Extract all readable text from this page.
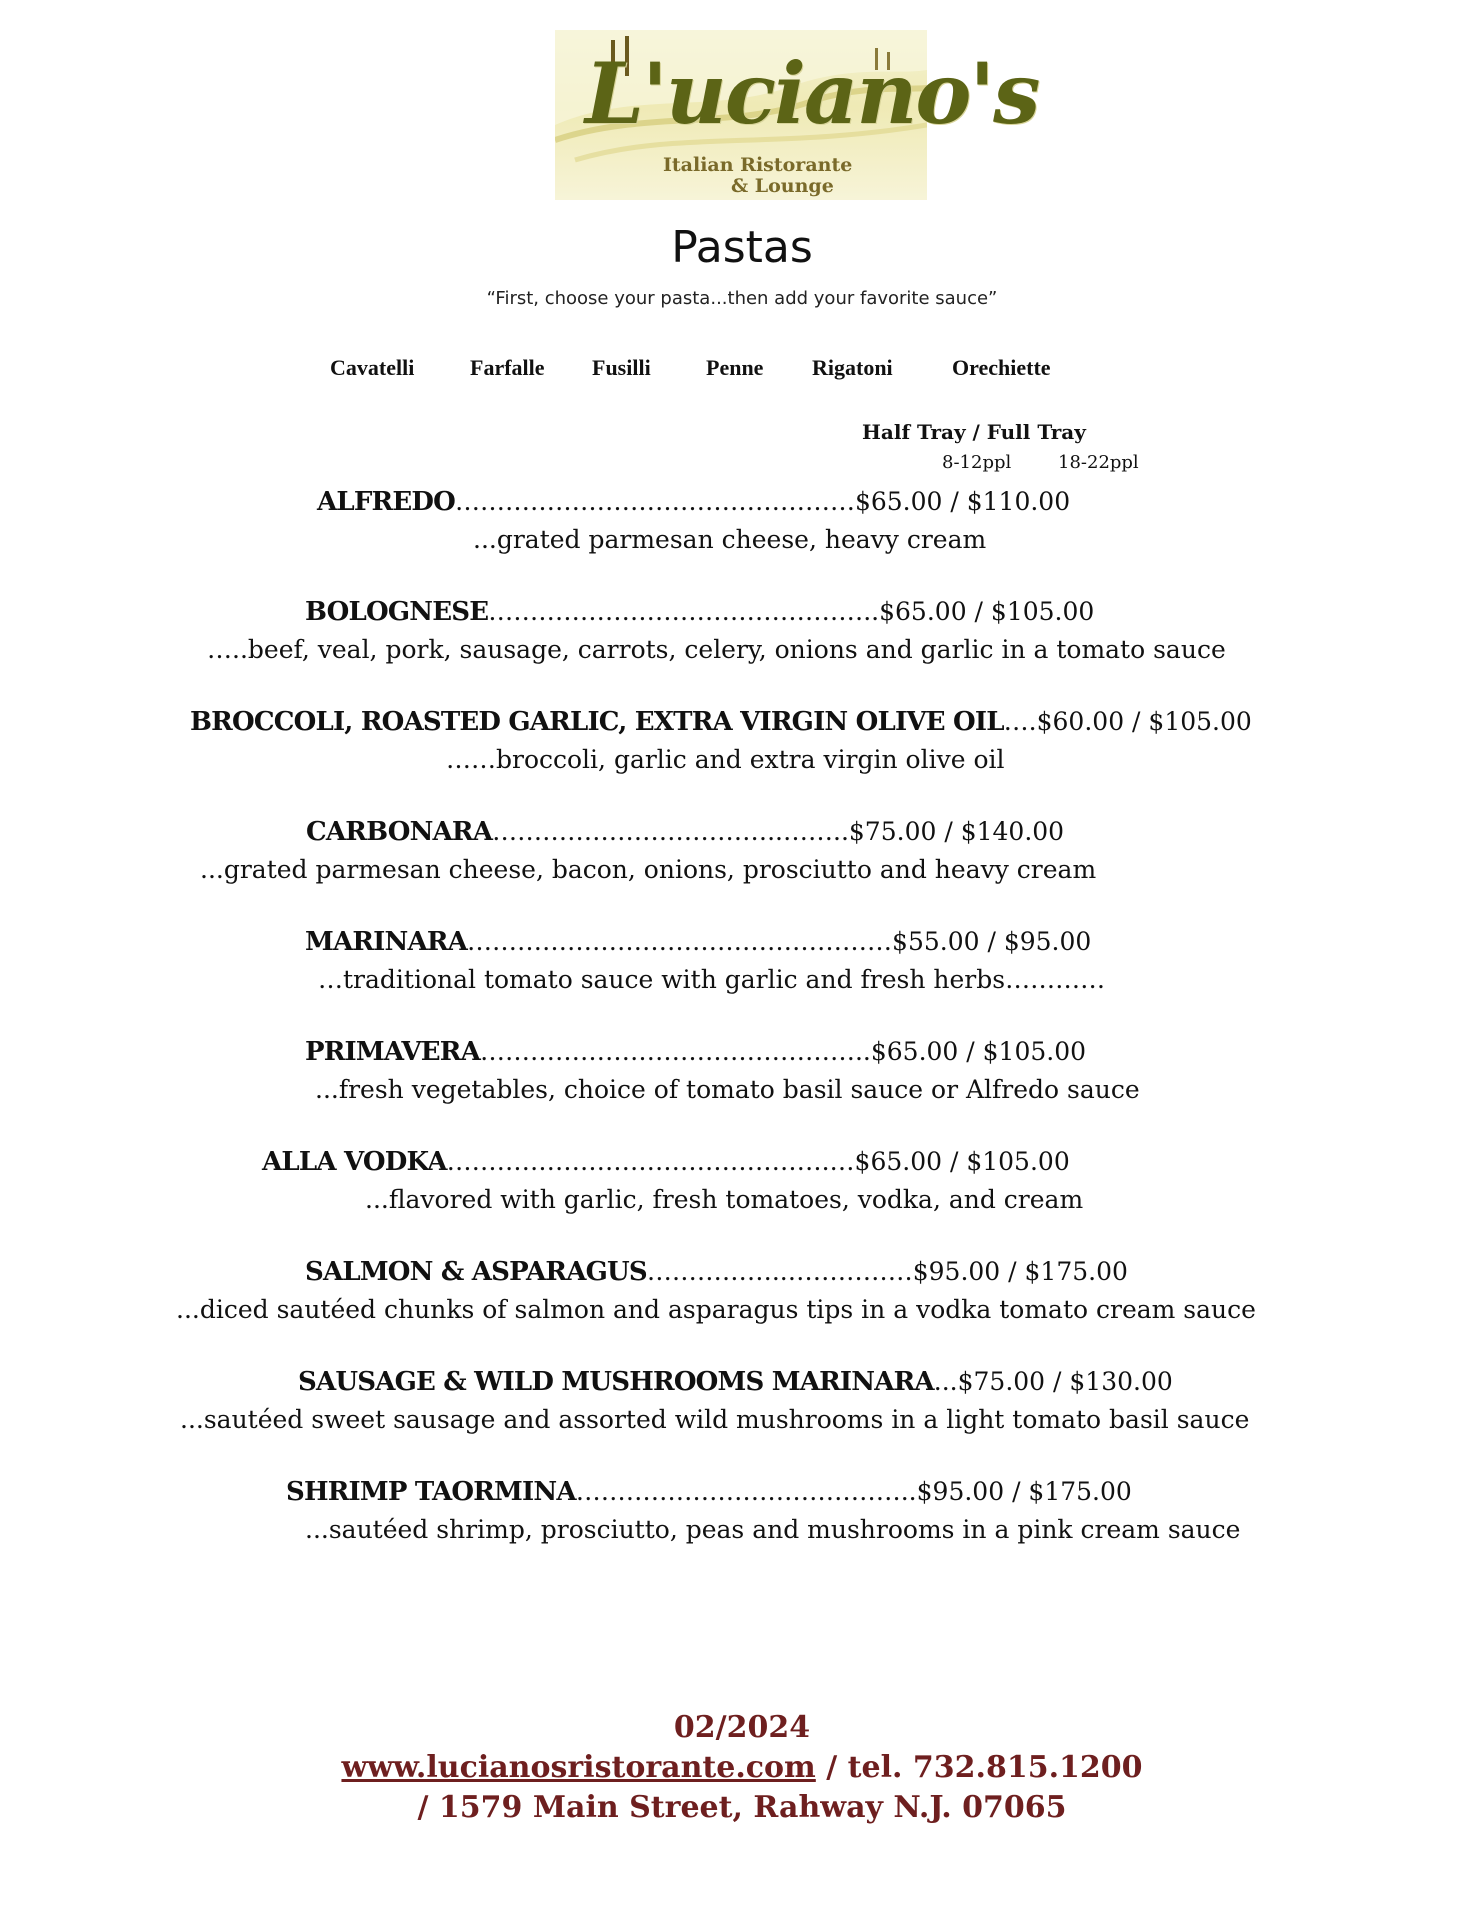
L'uciano's
Italian Ristorante
& Lounge
Pastas
“First, choose your pasta...then add your favorite sauce”
Cavatelli	Farfalle Fusilli	Penne Rigatoni	Orechiette
Half Tray / Full Tray
8-12ppl	18-22ppl
ALFREDO…………………………………………$65.00 / $110.00
...grated parmesan cheese, heavy cream
BOLOGNESE………………………………………..$65.00 / $105.00
…..beef, veal, pork, sausage, carrots, celery, onions and garlic in a tomato sauce
BROCCOLI, ROASTED GARLIC, EXTRA VIRGIN OLIVE OIL….$60.00 / $105.00
……broccoli, garlic and extra virgin olive oil
CARBONARA……………………………..……..$75.00 / $140.00
...grated parmesan cheese, bacon, onions, prosciutto and heavy cream
MARINARA……………………………………………$55.00 / $95.00
…traditional tomato sauce with garlic and fresh herbs…………
PRIMAVERA………………………………………..$65.00 / $105.00
...fresh vegetables, choice of tomato basil sauce or Alfredo sauce
ALLA VODKA……………………………………….…$65.00 / $105.00
...flavored with garlic, fresh tomatoes, vodka, and cream
SALMON & ASPARAGUS……………..……………$95.00 / $175.00
...diced sautéed chunks of salmon and asparagus tips in a vodka tomato cream sauce
SAUSAGE & WILD MUSHROOMS MARINARA...$75.00 / $130.00
...sautéed sweet sausage and assorted wild mushrooms in a light tomato basil sauce
SHRIMP TAORMINA…………………………………..$95.00 / $175.00
...sautéed shrimp, prosciutto, peas and mushrooms in a pink cream sauce
02/2024
www.lucianosristorante.com / tel. 732.815.1200
/ 1579 Main Street, Rahway N.J. 07065
